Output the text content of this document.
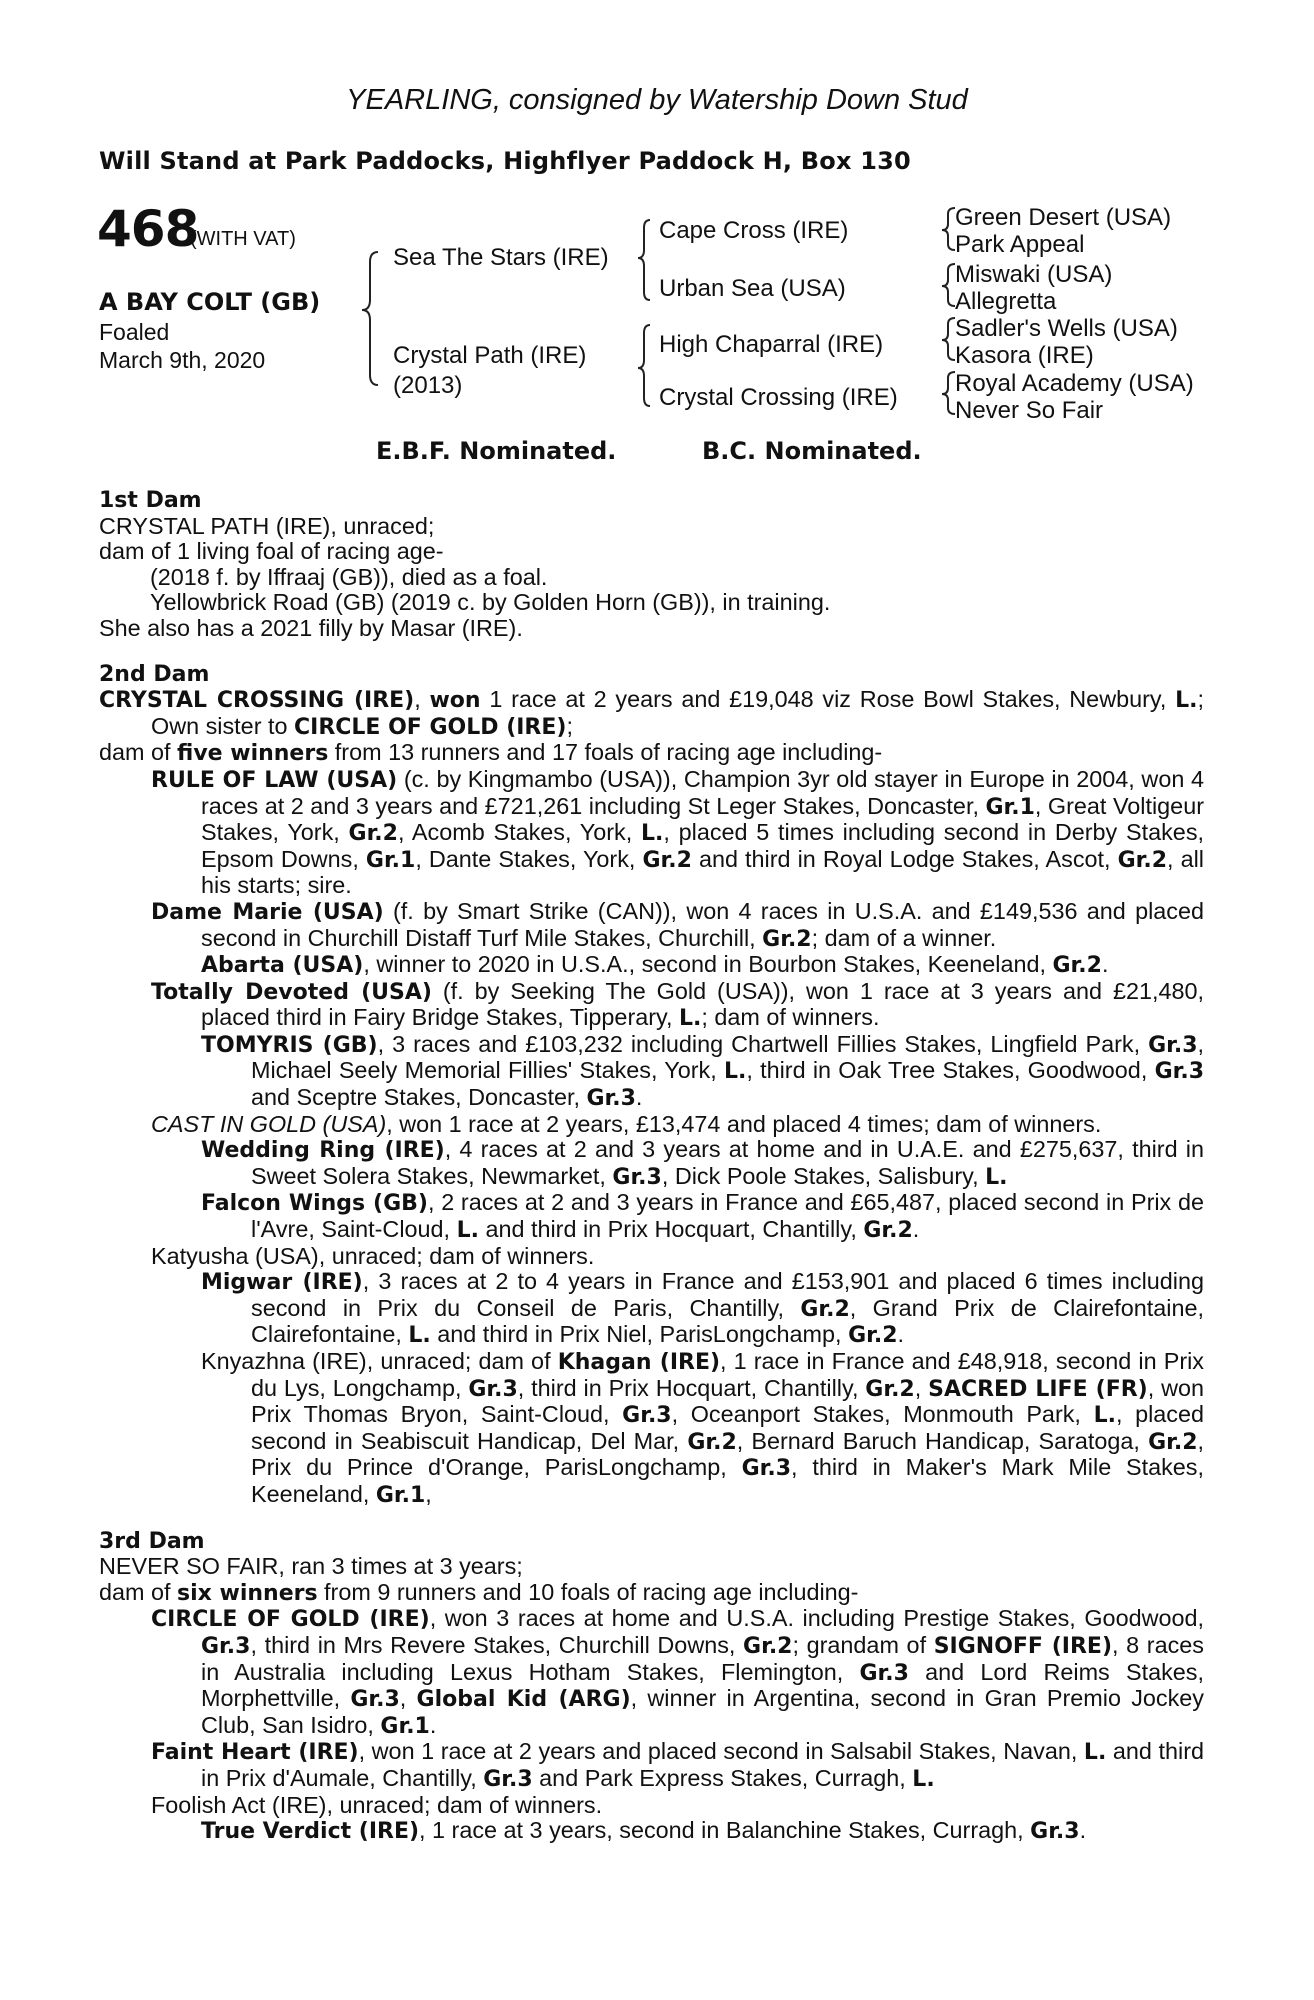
YEARLING, consigned by Watership Down Stud
Will Stand at Park Paddocks, Highflyer Paddock H, Box 130
468
(WITH VAT)
A BAY COLT (GB)
Foaled
March 9th, 2020
Sea The Stars (IRE)
Crystal Path (IRE)
(2013)
Cape Cross (IRE)
Urban Sea (USA)
High Chaparral (IRE)
Crystal Crossing (IRE)
Green Desert (USA)
Park Appeal
Miswaki (USA)
Allegretta
Sadler's Wells (USA)
Kasora (IRE)
Royal Academy (USA)
Never So Fair
E.B.F. Nominated.	B.C. Nominated.

1st Dam

CRYSTAL PATH (IRE), unraced;

dam of 1 living foal of racing age-

(2018 f. by Iffraaj (GB)), died as a foal.

Yellowbrick Road (GB) (2019 c. by Golden Horn (GB)), in training.

She also has a 2021 filly by Masar (IRE).

2nd Dam

CRYSTAL CROSSING (IRE), won 1 race at 2 years and £19,048 viz Rose Bowl Stakes, Newbury, L.; Own sister to CIRCLE OF GOLD (IRE);

dam of five winners from 13 runners and 17 foals of racing age including-

RULE OF LAW (USA) (c. by Kingmambo (USA)), Champion 3yr old stayer in Europe in 2004, won 4 races at 2 and 3 years and £721,261 including St Leger Stakes, Doncaster, Gr.1, Great Voltigeur Stakes, York, Gr.2, Acomb Stakes, York, L., placed 5 times including second in Derby Stakes, Epsom Downs, Gr.1, Dante Stakes, York, Gr.2 and third in Royal Lodge Stakes, Ascot, Gr.2, all his starts; sire.

Dame Marie (USA) (f. by Smart Strike (CAN)), won 4 races in U.S.A. and £149,536 and placed second in Churchill Distaff Turf Mile Stakes, Churchill, Gr.2; dam of a winner.

Abarta (USA), winner to 2020 in U.S.A., second in Bourbon Stakes, Keeneland, Gr.2.

Totally Devoted (USA) (f. by Seeking The Gold (USA)), won 1 race at 3 years and £21,480, placed third in Fairy Bridge Stakes, Tipperary, L.; dam of winners.

TOMYRIS (GB), 3 races and £103,232 including Chartwell Fillies Stakes, Lingfield Park, Gr.3, Michael Seely Memorial Fillies' Stakes, York, L., third in Oak Tree Stakes, Goodwood, Gr.3 and Sceptre Stakes, Doncaster, Gr.3.

CAST IN GOLD (USA), won 1 race at 2 years, £13,474 and placed 4 times; dam of winners.

Wedding Ring (IRE), 4 races at 2 and 3 years at home and in U.A.E. and £275,637, third in Sweet Solera Stakes, Newmarket, Gr.3, Dick Poole Stakes, Salisbury, L.

Falcon Wings (GB), 2 races at 2 and 3 years in France and £65,487, placed second in Prix de l'Avre, Saint-Cloud, L. and third in Prix Hocquart, Chantilly, Gr.2.

Katyusha (USA), unraced; dam of winners.

Migwar (IRE), 3 races at 2 to 4 years in France and £153,901 and placed 6 times including second in Prix du Conseil de Paris, Chantilly, Gr.2, Grand Prix de Clairefontaine, Clairefontaine, L. and third in Prix Niel, ParisLongchamp, Gr.2.

Knyazhna (IRE), unraced; dam of Khagan (IRE), 1 race in France and £48,918, second in Prix du Lys, Longchamp, Gr.3, third in Prix Hocquart, Chantilly, Gr.2, SACRED LIFE (FR), won Prix Thomas Bryon, Saint-Cloud, Gr.3, Oceanport Stakes, Monmouth Park, L., placed second in Seabiscuit Handicap, Del Mar, Gr.2, Bernard Baruch Handicap, Saratoga, Gr.2, Prix du Prince d'Orange, ParisLongchamp, Gr.3, third in Maker's Mark Mile Stakes, Keeneland, Gr.1,

3rd Dam

NEVER SO FAIR, ran 3 times at 3 years;

dam of six winners from 9 runners and 10 foals of racing age including-

CIRCLE OF GOLD (IRE), won 3 races at home and U.S.A. including Prestige Stakes, Goodwood, Gr.3, third in Mrs Revere Stakes, Churchill Downs, Gr.2; grandam of SIGNOFF (IRE), 8 races in Australia including Lexus Hotham Stakes, Flemington, Gr.3 and Lord Reims Stakes, Morphettville, Gr.3, Global Kid (ARG), winner in Argentina, second in Gran Premio Jockey Club, San Isidro, Gr.1.

Faint Heart (IRE), won 1 race at 2 years and placed second in Salsabil Stakes, Navan, L. and third in Prix d'Aumale, Chantilly, Gr.3 and Park Express Stakes, Curragh, L.

Foolish Act (IRE), unraced; dam of winners.

True Verdict (IRE), 1 race at 3 years, second in Balanchine Stakes, Curragh, Gr.3.
